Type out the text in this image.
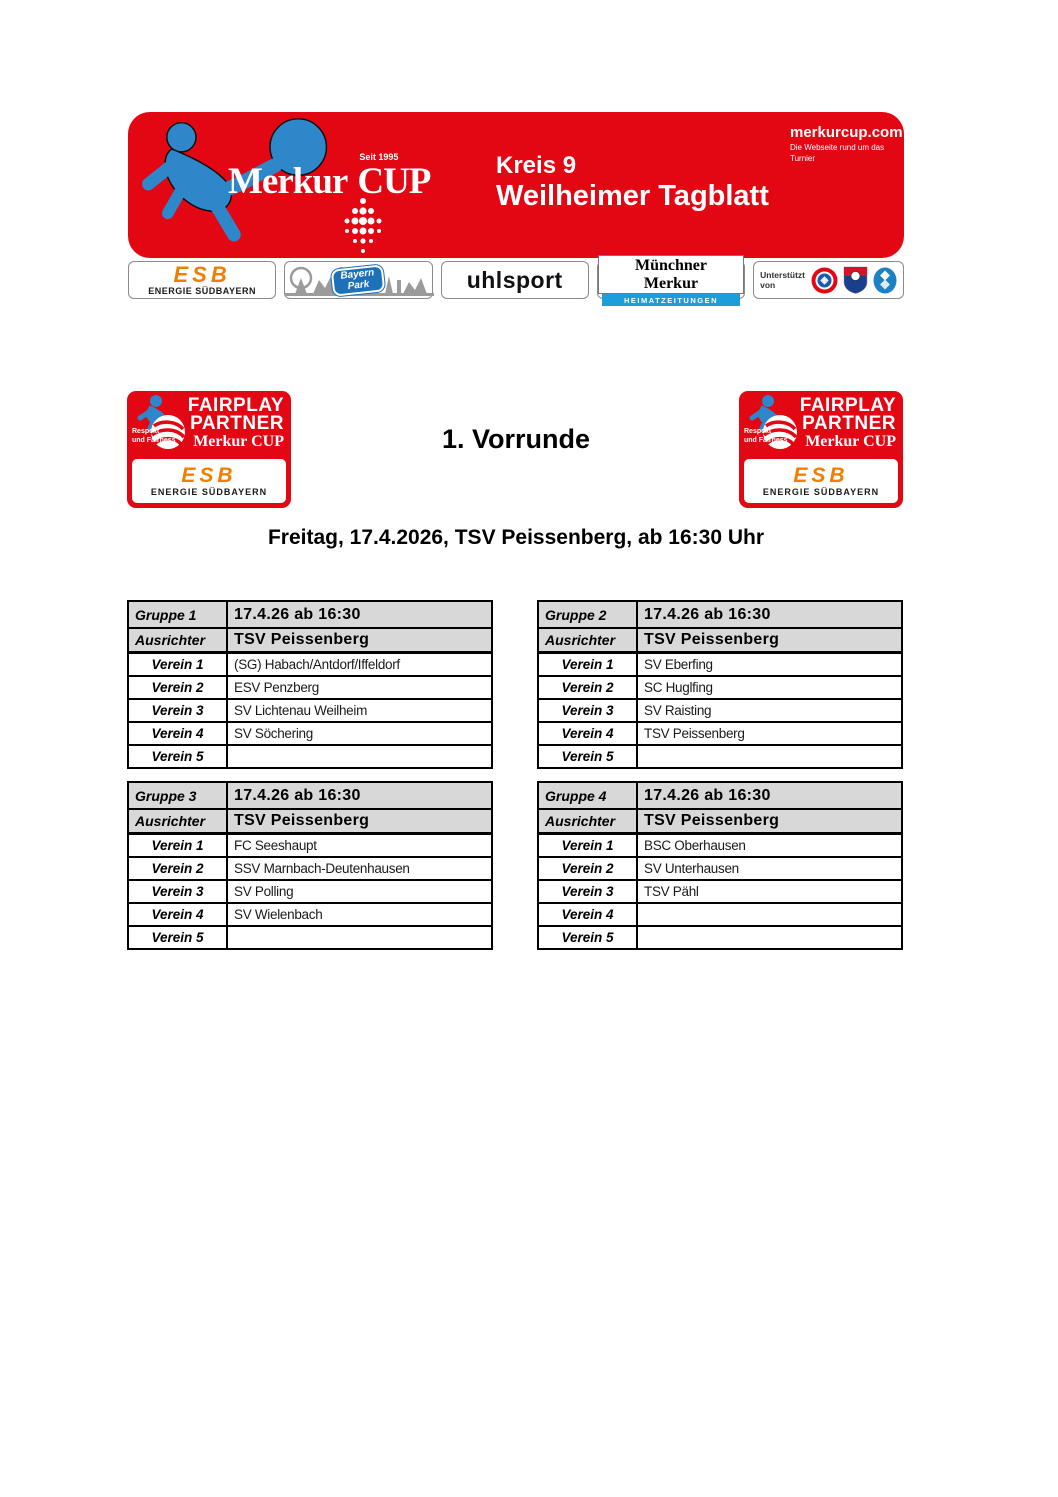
Merkur
Seit 1995
CUP	Kreis 9
Weilheimer Tagblatt
merkurcup.com
Die Webseite rund um das Turnier
ESB
ENERGIE SÜDBAYERN
Bayern
Park	uhlsport
Münchner Merkur
HEIMATZEITUNGEN
Unterstützt
von
Respekt
und Fairness
FAIRPLAY
PARTNER
Merkur CUP
ESB
ENERGIE SÜDBAYERN
Respekt
und Fairness
FAIRPLAY
PARTNER
Merkur CUP
ESB
ENERGIE SÜDBAYERN
1. Vorrunde
Freitag, 17.4.2026, TSV Peissenberg, ab 16:30 Uhr
Gruppe 1	17.4.26 ab 16:30
Ausrichter	TSV Peissenberg
Verein 1	(SG) Habach/Antdorf/Iffeldorf
Verein 2	ESV Penzberg
Verein 3	SV Lichtenau Weilheim
Verein 4	SV Söchering
Verein 5
Gruppe 2	17.4.26 ab 16:30
Ausrichter	TSV Peissenberg
Verein 1	SV Eberfing
Verein 2	SC Huglfing
Verein 3	SV Raisting
Verein 4	TSV Peissenberg
Verein 5
Gruppe 3	17.4.26 ab 16:30
Ausrichter	TSV Peissenberg
Verein 1	FC Seeshaupt
Verein 2	SSV Marnbach-Deutenhausen
Verein 3	SV Polling
Verein 4	SV Wielenbach
Verein 5
Gruppe 4	17.4.26 ab 16:30
Ausrichter	TSV Peissenberg
Verein 1	BSC Oberhausen
Verein 2	SV Unterhausen
Verein 3	TSV Pähl
Verein 4
Verein 5
